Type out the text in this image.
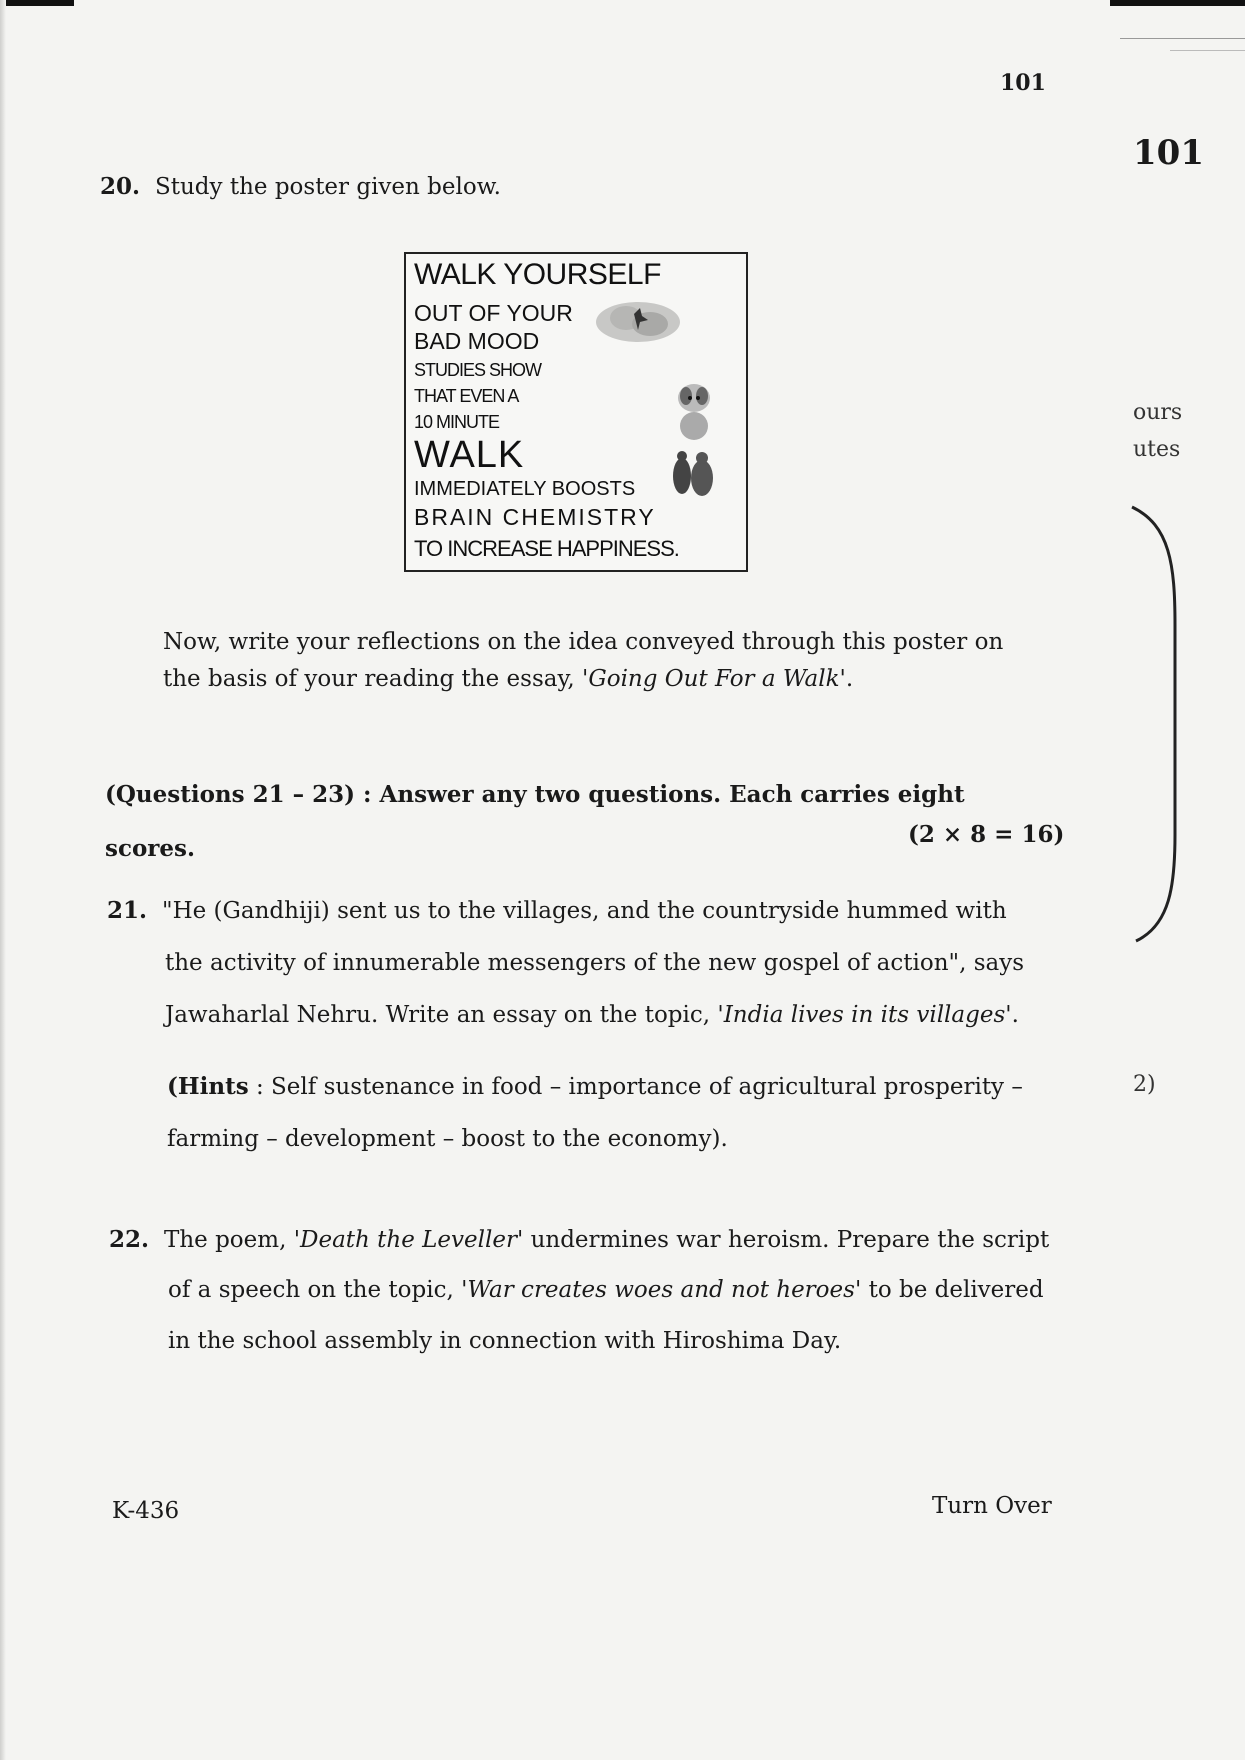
101
101
20. Study the poster given below.
WALK YOURSELF
OUT OF YOUR
BAD MOOD
STUDIES SHOW
THAT EVEN A
10 MINUTE
WALK
IMMEDIATELY BOOSTS
BRAIN CHEMISTRY
TO INCREASE HAPPINESS.
Now, write your reflections on the idea conveyed through this poster on
the basis of your reading the essay, 'Going Out For a Walk'.
(Questions 21 – 23) : Answer any two questions. Each carries eight
scores.
(2 × 8 = 16)
21. "He (Gandhiji) sent us to the villages, and the countryside hummed with
the activity of innumerable messengers of the new gospel of action", says
Jawaharlal Nehru. Write an essay on the topic, 'India lives in its villages'.
(Hints : Self sustenance in food – importance of agricultural prosperity –
farming – development – boost to the economy).
22. The poem, 'Death the Leveller' undermines war heroism. Prepare the script
of a speech on the topic, 'War creates woes and not heroes' to be delivered
in the school assembly in connection with Hiroshima Day.
K-436	Turn Over
ours
utes
2)
